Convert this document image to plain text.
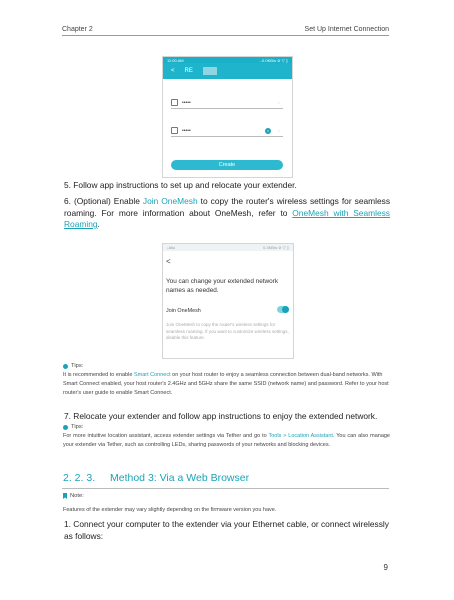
Chapter 2	Set Up Internet Connection
11:00 AM	...0.0KB/s ⊘ ▽ ▯
< RE
•••••	◌
•••••	×	◌
Create
5. Follow app instructions to set up and relocate your extender.
6. (Optional) Enable Join OneMesh to copy the router's wireless settings for seamless roaming. For more information about OneMesh, refer to OneMesh with Seamless Roaming.
ᵢ Aliu	0.3KB/s ⊘ ▽ ▯
<
You can change your extended network names as needed.
Join OneMesh
Join OneMesh to copy the router's wireless settings for seamless roaming. If you want to customize wireless settings, disable this feature.
Tips:
It is recommended to enable Smart Connect on your host router to enjoy a seamless connection between dual-band networks. With Smart Connect enabled, your host router's 2.4GHz and 5GHz share the same SSID (network name) and password. Refer to your host router's user guide to enable Smart Connect.
7. Relocate your extender and follow app instructions to enjoy the extended network.
Tips:
For more intuitive location assistant, access extender settings via Tether and go to Tools > Location Assistant. You can also manage your extender via Tether, such as controlling LEDs, sharing passwords of your networks and blocking devices.
2. 2. 3. Method 3: Via a Web Browser
Note:
Features of the extender may vary slightly depending on the firmware version you have.
1. Connect your computer to the extender via your Ethernet cable, or connect wirelessly as follows:
9
